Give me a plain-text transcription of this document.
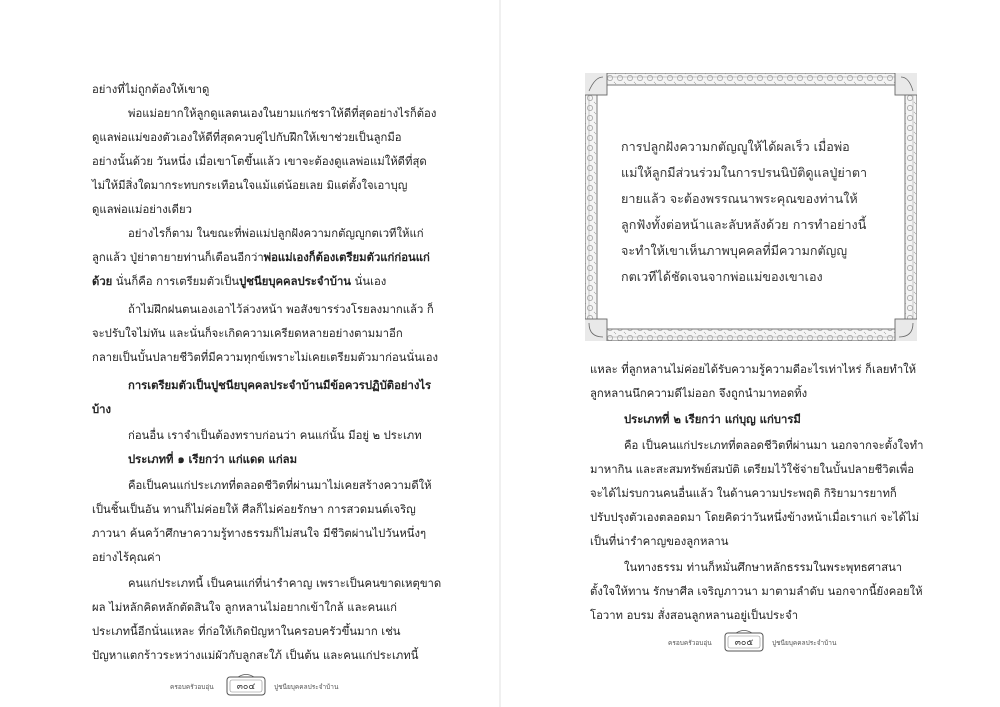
อย่างที่ไม่ถูกต้องให้เขาดู
พ่อแม่อยากให้ลูกดูแลตนเองในยามแก่ชราให้ดีที่สุดอย่างไรก็ต้อง
ดูแลพ่อแม่ของตัวเองให้ดีที่สุดควบคู่ไปกับฝึกให้เขาช่วยเป็นลูกมือ
อย่างนั้นด้วย วันหนึ่ง เมื่อเขาโตขึ้นแล้ว เขาจะต้องดูแลพ่อแม่ให้ดีที่สุด
ไม่ให้มีสิ่งใดมากระทบกระเทือนใจแม้แต่น้อยเลย มิแต่ตั้งใจเอาบุญ
ดูแลพ่อแม่อย่างเดียว
อย่างไรก็ตาม ในขณะที่พ่อแม่ปลูกฝังความกตัญญูกตเวทีให้แก่
ลูกแล้ว ปู่ย่าตายายท่านก็เตือนอีกว่าพ่อแม่เองก็ต้องเตรียมตัวแก่ก่อนแก่
ด้วย นั่นก็คือ การเตรียมตัวเป็นปูชนียบุคคลประจำบ้าน นั่นเอง
ถ้าไม่ฝึกฝนตนเองเอาไว้ล่วงหน้า พอสังขารร่วงโรยลงมากแล้ว ก็
จะปรับใจไม่ทัน และนั่นก็จะเกิดความเครียดหลายอย่างตามมาอีก
กลายเป็นบั้นปลายชีวิตที่มีความทุกข์เพราะไม่เคยเตรียมตัวมาก่อนนั่นเอง
การเตรียมตัวเป็นปูชนียบุคคลประจำบ้านมีข้อควรปฏิบัติอย่างไร
บ้าง
ก่อนอื่น เราจำเป็นต้องทราบก่อนว่า คนแก่นั้น มีอยู่ ๒ ประเภท
ประเภทที่ ๑ เรียกว่า แก่แดด แก่ลม
คือเป็นคนแก่ประเภทที่ตลอดชีวิตที่ผ่านมาไม่เคยสร้างความดีให้
เป็นชิ้นเป็นอัน ทานก็ไม่ค่อยให้ ศีลก็ไม่ค่อยรักษา การสวดมนต์เจริญ
ภาวนา ค้นคว้าศึกษาความรู้ทางธรรมก็ไม่สนใจ มีชีวิตผ่านไปวันหนึ่งๆ
อย่างไร้คุณค่า
คนแก่ประเภทนี้ เป็นคนแก่ที่น่ารำคาญ เพราะเป็นคนขาดเหตุขาด
ผล ไม่หลักคิดหลักตัดสินใจ ลูกหลานไม่อยากเข้าใกล้ และคนแก่
ประเภทนี้อีกนั่นแหละ ที่ก่อให้เกิดปัญหาในครอบครัวขึ้นมาก เช่น
ปัญหาแตกร้าวระหว่างแม่ผัวกับลูกสะใภ้ เป็นต้น และคนแก่ประเภทนี้
ครอบครัวอบอุ่น	๓๐๔	ปูชนียบุคคลประจำบ้าน
การปลูกฝังความกตัญญูให้ได้ผลเร็ว เมื่อพ่อ
แม่ให้ลูกมีส่วนร่วมในการปรนนิบัติดูแลปู่ย่าตา
ยายแล้ว จะต้องพรรณนาพระคุณของท่านให้
ลูกฟังทั้งต่อหน้าและลับหลังด้วย การทำอย่างนี้
จะทำให้เขาเห็นภาพบุคคลที่มีความกตัญญู
กตเวทีได้ชัดเจนจากพ่อแม่ของเขาเอง
แหละ ที่ลูกหลานไม่ค่อยได้รับความรู้ความดีอะไรเท่าไหร่ ก็เลยทำให้
ลูกหลานนึกความดีไม่ออก จึงถูกนำมาทอดทิ้ง
ประเภทที่ ๒ เรียกว่า แก่บุญ แก่บารมี
คือ เป็นคนแก่ประเภทที่ตลอดชีวิตที่ผ่านมา นอกจากจะตั้งใจทำ
มาหากิน และสะสมทรัพย์สมบัติ เตรียมไว้ใช้จ่ายในบั้นปลายชีวิตเพื่อ
จะได้ไม่รบกวนคนอื่นแล้ว ในด้านความประพฤติ กิริยามารยาทก็
ปรับปรุงตัวเองตลอดมา โดยคิดว่าวันหนึ่งข้างหน้าเมื่อเราแก่ จะได้ไม่
เป็นที่น่ารำคาญของลูกหลาน
ในทางธรรม ท่านก็หมั่นศึกษาหลักธรรมในพระพุทธศาสนา
ตั้งใจให้ทาน รักษาศีล เจริญภาวนา มาตามลำดับ นอกจากนี้ยังคอยให้
โอวาท อบรม สั่งสอนลูกหลานอยู่เป็นประจำ
ครอบครัวอบอุ่น	๓๐๕	ปูชนียบุคคลประจำบ้าน
